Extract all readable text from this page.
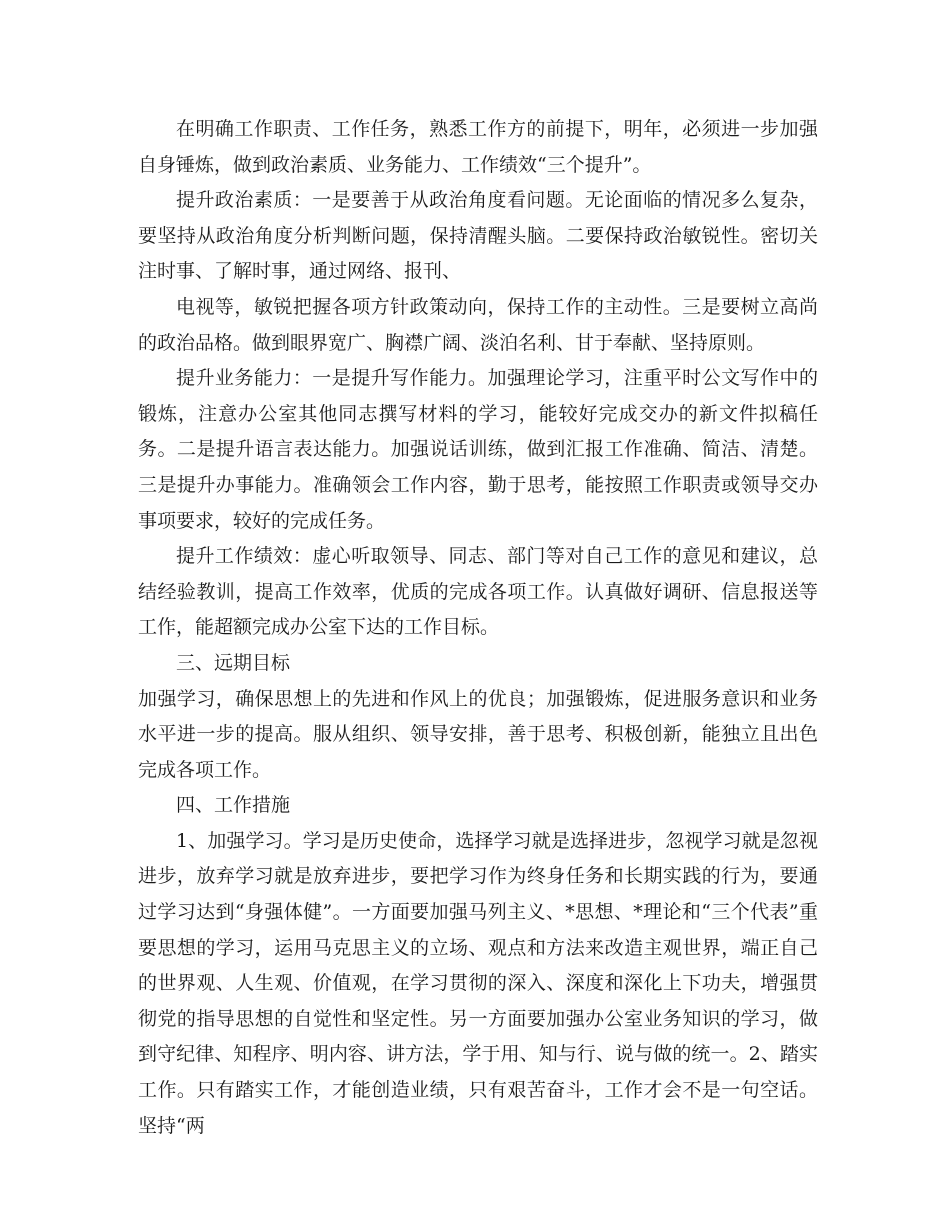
在明确工作职责、工作任务，熟悉工作方的前提下，明年，必须进一步加强自身锤炼，做到政治素质、业务能力、工作绩效“三个提升”。

提升政治素质：一是要善于从政治角度看问题。无论面临的情况多么复杂，要坚持从政治角度分析判断问题，保持清醒头脑。二要保持政治敏锐性。密切关注时事、了解时事，通过网络、报刊、

电视等，敏锐把握各项方针政策动向，保持工作的主动性。三是要树立高尚的政治品格。做到眼界宽广、胸襟广阔、淡泊名利、甘于奉献、坚持原则。

提升业务能力：一是提升写作能力。加强理论学习，注重平时公文写作中的锻炼，注意办公室其他同志撰写材料的学习，能较好完成交办的新文件拟稿任务。二是提升语言表达能力。加强说话训练，做到汇报工作准确、简洁、清楚。三是提升办事能力。准确领会工作内容，勤于思考，能按照工作职责或领导交办事项要求，较好的完成任务。

提升工作绩效：虚心听取领导、同志、部门等对自己工作的意见和建议，总结经验教训，提高工作效率，优质的完成各项工作。认真做好调研、信息报送等工作，能超额完成办公室下达的工作目标。

三、远期目标

加强学习，确保思想上的先进和作风上的优良；加强锻炼，促进服务意识和业务水平进一步的提高。服从组织、领导安排，善于思考、积极创新，能独立且出色完成各项工作。

四、工作措施

1、加强学习。学习是历史使命，选择学习就是选择进步，忽视学习就是忽视进步，放弃学习就是放弃进步，要把学习作为终身任务和长期实践的行为，要通过学习达到“身强体健”。一方面要加强马列主义、*思想、*理论和“三个代表”重要思想的学习，运用马克思主义的立场、观点和方法来改造主观世界，端正自己的世界观、人生观、价值观，在学习贯彻的深入、深度和深化上下功夫，增强贯彻党的指导思想的自觉性和坚定性。另一方面要加强办公室业务知识的学习，做到守纪律、知程序、明内容、讲方法，学于用、知与行、说与做的统一。2、踏实工作。只有踏实工作，才能创造业绩，只有艰苦奋斗，工作才会不是一句空话。坚持“两
